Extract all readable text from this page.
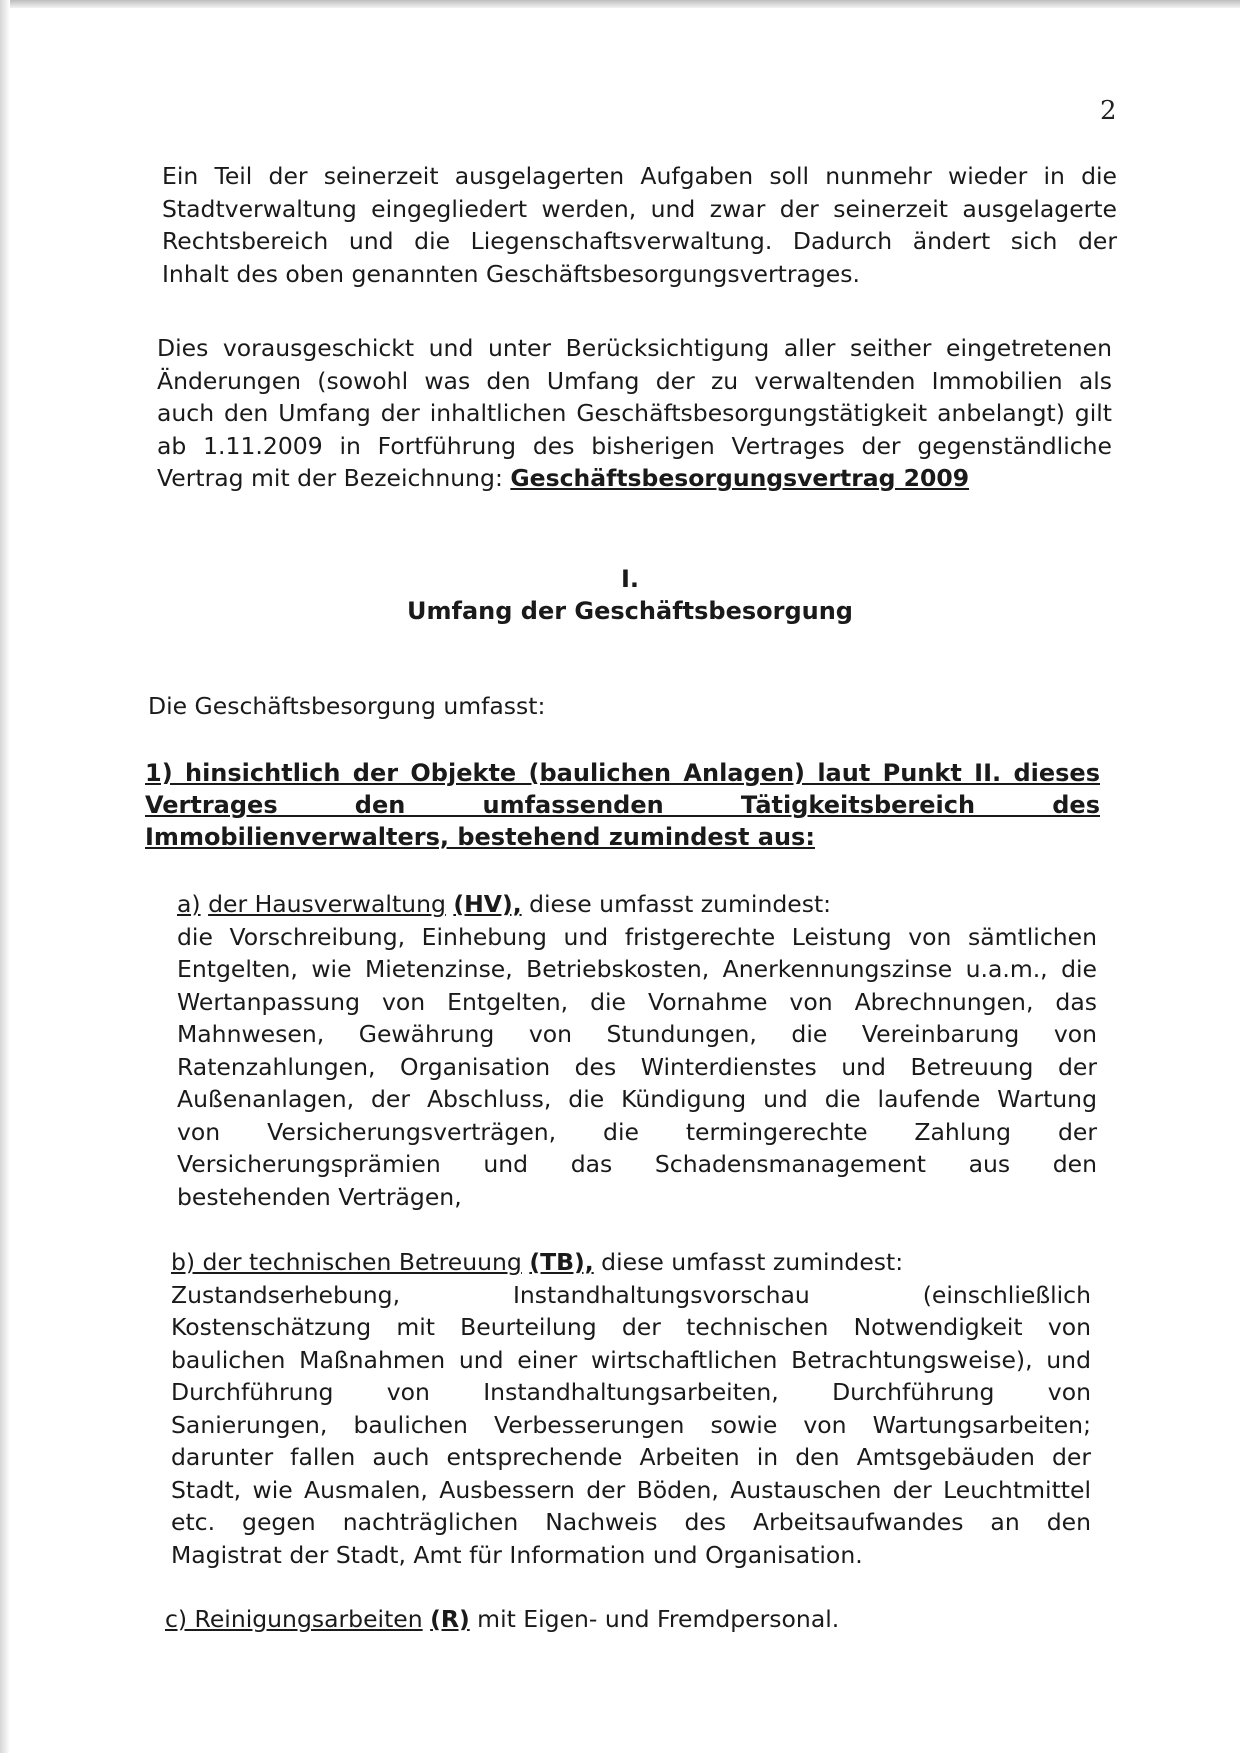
2
Ein Teil der seinerzeit ausgelagerten Aufgaben soll nunmehr wieder in die
Stadtverwaltung eingegliedert werden, und zwar der seinerzeit ausgelagerte
Rechtsbereich und die Liegenschaftsverwaltung. Dadurch ändert sich der
Inhalt des oben genannten Geschäftsbesorgungsvertrages.
Dies vorausgeschickt und unter Berücksichtigung aller seither eingetretenen
Änderungen (sowohl was den Umfang der zu verwaltenden Immobilien als
auch den Umfang der inhaltlichen Geschäftsbesorgungstätigkeit anbelangt) gilt
ab 1.11.2009 in Fortführung des bisherigen Vertrages der gegenständliche
Vertrag mit der Bezeichnung: Geschäftsbesorgungsvertrag 2009
I.
Umfang der Geschäftsbesorgung
Die Geschäftsbesorgung umfasst:
1) hinsichtlich der Objekte (baulichen Anlagen) laut Punkt II. dieses
Vertrages den umfassenden Tätigkeitsbereich des
Immobilienverwalters, bestehend zumindest aus:
a) der Hausverwaltung (HV), diese umfasst zumindest:
die Vorschreibung, Einhebung und fristgerechte Leistung von sämtlichen
Entgelten, wie Mietenzinse, Betriebskosten, Anerkennungszinse u.a.m., die
Wertanpassung von Entgelten, die Vornahme von Abrechnungen, das
Mahnwesen, Gewährung von Stundungen, die Vereinbarung von
Ratenzahlungen, Organisation des Winterdienstes und Betreuung der
Außenanlagen, der Abschluss, die Kündigung und die laufende Wartung
von Versicherungsverträgen, die termingerechte Zahlung der
Versicherungsprämien und das Schadensmanagement aus den
bestehenden Verträgen,
b) der technischen Betreuung (TB), diese umfasst zumindest:
Zustandserhebung, Instandhaltungsvorschau (einschließlich
Kostenschätzung mit Beurteilung der technischen Notwendigkeit von
baulichen Maßnahmen und einer wirtschaftlichen Betrachtungsweise), und
Durchführung von Instandhaltungsarbeiten, Durchführung von
Sanierungen, baulichen Verbesserungen sowie von Wartungsarbeiten;
darunter fallen auch entsprechende Arbeiten in den Amtsgebäuden der
Stadt, wie Ausmalen, Ausbessern der Böden, Austauschen der Leuchtmittel
etc. gegen nachträglichen Nachweis des Arbeitsaufwandes an den
Magistrat der Stadt, Amt für Information und Organisation.
c) Reinigungsarbeiten (R) mit Eigen- und Fremdpersonal.
